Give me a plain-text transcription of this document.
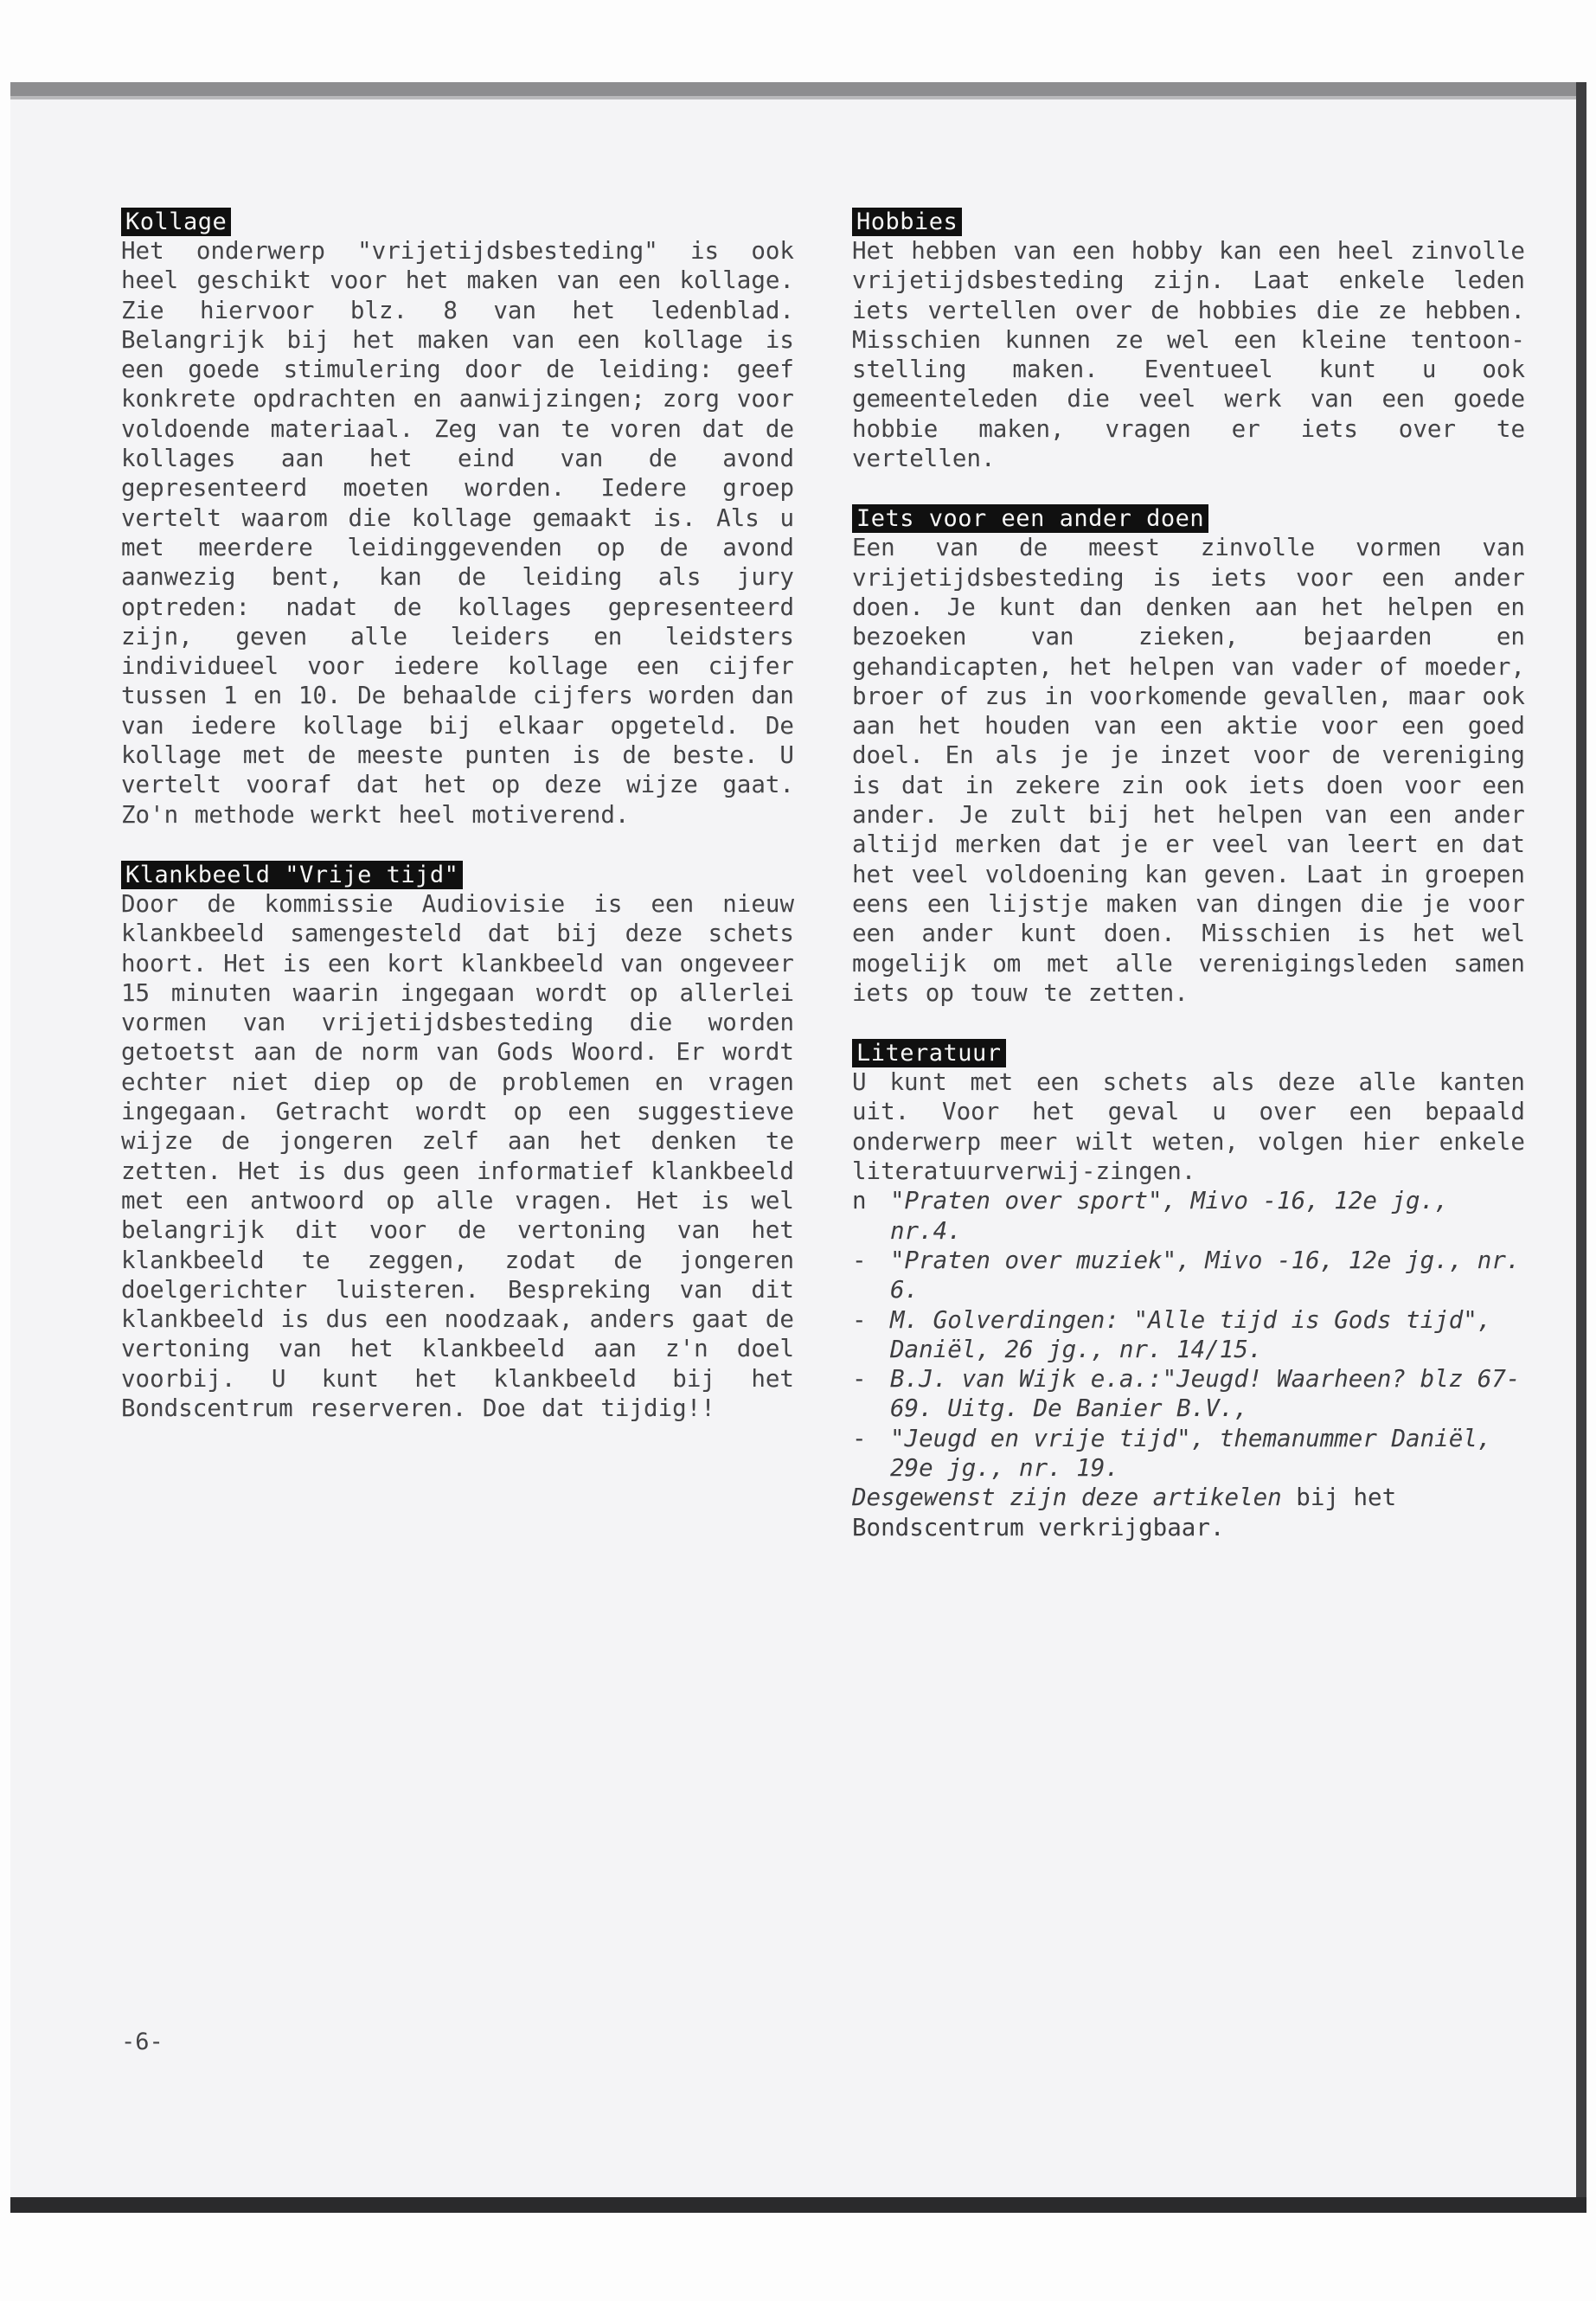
Kollage

Het onderwerp "vrijetijdsbesteding" is ook heel geschikt voor het maken van een kollage. Zie hiervoor blz. 8 van het ledenblad. Belangrijk bij het maken van een kollage is een goede stimulering door de leiding: geef konkrete opdrachten en aanwijzingen; zorg voor voldoende materiaal. Zeg van te voren dat de kollages aan het eind van de avond gepresenteerd moeten worden. Iedere groep vertelt waarom die kollage gemaakt is. Als u met meerdere leidinggevenden op de avond aanwezig bent, kan de leiding als jury optreden: nadat de kollages gepresenteerd zijn, geven alle leiders en leidsters individueel voor iedere kollage een cijfer tussen 1 en 10. De behaalde cijfers worden dan van iedere kollage bij elkaar opgeteld. De kollage met de meeste punten is de beste. U vertelt vooraf dat het op deze wijze gaat. Zo'n methode werkt heel motiverend.

Klankbeeld "Vrije tijd"

Door de kommissie Audiovisie is een nieuw klankbeeld samengesteld dat bij deze schets hoort. Het is een kort klankbeeld van ongeveer 15 minuten waarin ingegaan wordt op allerlei vormen van vrijetijdsbesteding die worden getoetst aan de norm van Gods Woord. Er wordt echter niet diep op de problemen en vragen ingegaan. Getracht wordt op een suggestieve wijze de jongeren zelf aan het denken te zetten. Het is dus geen informatief klankbeeld met een antwoord op alle vragen. Het is wel belangrijk dit voor de vertoning van het klankbeeld te zeggen, zodat de jongeren doelgerichter luisteren. Bespreking van dit klankbeeld is dus een noodzaak, anders gaat de vertoning van het klankbeeld aan z'n doel voorbij. U kunt het klankbeeld bij het Bondscentrum reserveren. Doe dat tijdig!!

Hobbies

Het hebben van een hobby kan een heel zinvolle vrijetijdsbesteding zijn. Laat enkele leden iets vertellen over de hobbies die ze hebben. Misschien kunnen ze wel een kleine tentoon-stelling maken. Eventueel kunt u ook gemeenteleden die veel werk van een goede hobbie maken, vragen er iets over te vertellen.

Iets voor een ander doen

Een van de meest zinvolle vormen van vrijetijdsbesteding is iets voor een ander doen. Je kunt dan denken aan het helpen en bezoeken van zieken, bejaarden en gehandicapten, het helpen van vader of moeder, broer of zus in voorkomende gevallen, maar ook aan het houden van een aktie voor een goed doel. En als je je inzet voor de vereniging is dat in zekere zin ook iets doen voor een ander. Je zult bij het helpen van een ander altijd merken dat je er veel van leert en dat het veel voldoening kan geven. Laat in groepen eens een lijstje maken van dingen die je voor een ander kunt doen. Misschien is het wel mogelijk om met alle verenigingsleden samen iets op touw te zetten.

Literatuur

U kunt met een schets als deze alle kanten uit. Voor het geval u over een bepaald onderwerp meer wilt weten, volgen hier enkele literatuurverwij-zingen.

n "Praten over sport", Mivo -16, 12e jg., nr.4.
- "Praten over muziek", Mivo -16, 12e jg., nr. 6.
- M. Golverdingen: "Alle tijd is Gods tijd", Daniël, 26 jg., nr. 14/15.
- B.J. van Wijk e.a.:"Jeugd! Waarheen? blz 67-69. Uitg. De Banier B.V.,
- "Jeugd en vrije tijd", themanummer Daniël, 29e jg., nr. 19.
Desgewenst zijn deze artikelen bij het Bondscentrum verkrijgbaar.
-6-
